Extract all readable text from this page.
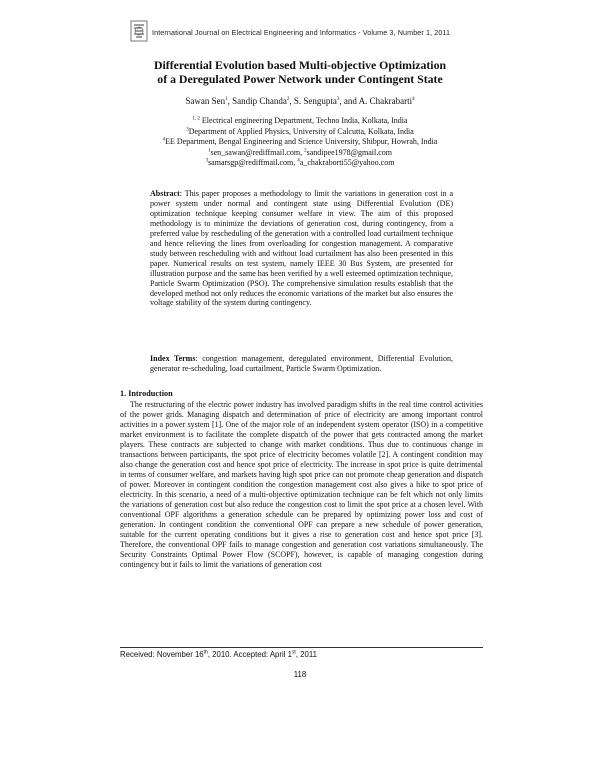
International Journal on Electrical Engineering and Informatics - Volume 3, Number 1, 2011
Differential Evolution based Multi-objective Optimization
of a Deregulated Power Network under Contingent State
Sawan Sen$^1$, Sandip Chanda$^2$, S. Sengupta$^3$, and A. Chakrabarti$^4$
$^{1, 2}$ Electrical engineering Department, Techno India, Kolkata, India
$^3$Department of Applied Physics, University of Calcutta, Kolkata, India
$^4$EE Department, Bengal Engineering and Science University, Shibpur, Howrah, India
$^1$sen_sawan@rediffmail.com, $^2$sandipee1978@gmail.com
$^3$samarsgp@rediffmail.com, $^4$a_chakraborti55@yahoo.com
Abstract: This paper proposes a methodology to limit the variations in generation cost in a power system under normal and contingent state using Differential Evolution (DE) optimization technique keeping consumer welfare in view. The aim of this proposed methodology is to minimize the deviations of generation cost, during contingency, from a preferred value by rescheduling of the generation with a controlled load curtailment technique and hence relieving the lines from overloading for congestion management. A comparative study between rescheduling with and without load curtailment has also been presented in this paper. Numerical results on test system, namely IEEE 30 Bus System, are presented for illustration purpose and the same has been verified by a well esteemed optimization technique, Particle Swarm Optimization (PSO). The comprehensive simulation results establish that the developed method not only reduces the economic variations of the market but also ensures the voltage stability of the system during contingency.
Index Terms: congestion management, deregulated environment, Differential Evolution, generator re-scheduling, load curtailment, Particle Swarm Optimization.
1. Introduction
The restructuring of the electric power industry has involved paradigm shifts in the real time control activities of the power grids. Managing dispatch and determination of price of electricity are among important control activities in a power system [1]. One of the major role of an independent system operator (ISO) in a competitive market environment is to facilitate the complete dispatch of the power that gets contracted among the market players. These contracts are subjected to change with market conditions. Thus due to continuous change in transactions between participants, the spot price of electricity becomes volatile [2]. A contingent condition may also change the generation cost and hence spot price of electricity. The increase in spot price is quite detrimental in terms of consumer welfare, and markets having high spot price can not promote cheap generation and dispatch of power. Moreover in contingent condition the congestion management cost also gives a hike to spot price of electricity. In this scenario, a need of a multi-objective optimization technique can be felt which not only limits the variations of generation cost but also reduce the congestion cost to limit the spot price at a chosen level. With conventional OPF algorithms a generation schedule can be prepared by optimizing power loss and cost of generation. In contingent condition the conventional OPF can prepare a new schedule of power generation, suitable for the current operating conditions but it gives a rise to generation cost and hence spot price [3]. Therefore, the conventional OPF fails to manage congestion and generation cost variations simultaneously. The Security Constraints Optimal Power Flow (SCOPF), however, is capable of managing congestion during contingency but it fails to limit the variations of generation cost
Received: November 16th, 2010. Accepted: April 1st, 2011
118
